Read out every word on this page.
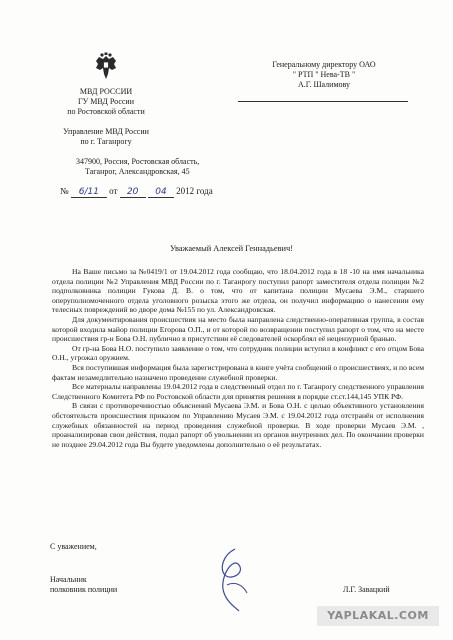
МВД РОССИИ
ГУ МВД России
по Ростовской области
Управление МВД России
по г. Таганрогу
347900, Россия, Ростовская область,
Таганрог, Александровская, 45
№ 6/11 от 20 04 2012 года
Генеральному директору ОАО
" РТП " Нева-ТВ "
А.Г. Шалимову
Уважаемый Алексей Геннадьевич!

На Ваше письмо за №0419/1 от 19.04.2012 года сообщаю, что 18.04.2012 года в 18 -10 на имя начальника отдела полиции №2 Управления МВД России по г. Таганрогу поступил рапорт заместителя отдела полиции №2 подполковника полиции Гукова Д. В. о том, что от капитана полиции Мусаева Э.М., старшего оперуполномоченного отдела уголовного розыска этого же отдела, он получил информацию о нанесении ему телесных повреждений во дворе дома №155 по ул. Александровская.

Для документирования происшествия на место была направлена следственно-оперативная группа, в состав которой входила майор полиции Егорова О.П., и от которой по возвращении поступил рапорт о том, что на месте происшествия гр-н Бова О.Н. публично в присутствии её следователей оскорблял её нецензурной бранью.

От гр-на Бова Н.О. поступило заявление о том, что сотрудник полиции вступил в конфликт с его отцом Бова О.Н., угрожал оружием.

Вся поступившая информация была зарегистрирована в книге учёта сообщений о происшествиях, и по всем фактам незамедлительно назначено проведение служебной проверки.

Все материалы направлены 19.04.2012 года в следственный отдел по г. Таганрогу следственного управления Следственного Комитета РФ по Ростовской области для принятия решения в порядке ст.ст.144,145 УПК РФ.

В связи с противоречивостью объяснений Мусаева Э.М. и Бова О.Н. с целью объективного установления обстоятельств происшествия приказом по Управлению Мусаев Э.М. с 19.04.2012 года отстранён от исполнения служебных обязанностей на период проведения служебной проверки. В ходе проверки Мусаев Э.М. , проанализировав свои действия, подал рапорт об увольнении из органов внутренних дел. По окончании проверки не позднее 29.04.2012 года Вы будете уведомлены дополнительно о её результатах.

С уважением,
Начальник
полковник полиции	Л.Г. Завацкий
YAPLAKAL.COM
